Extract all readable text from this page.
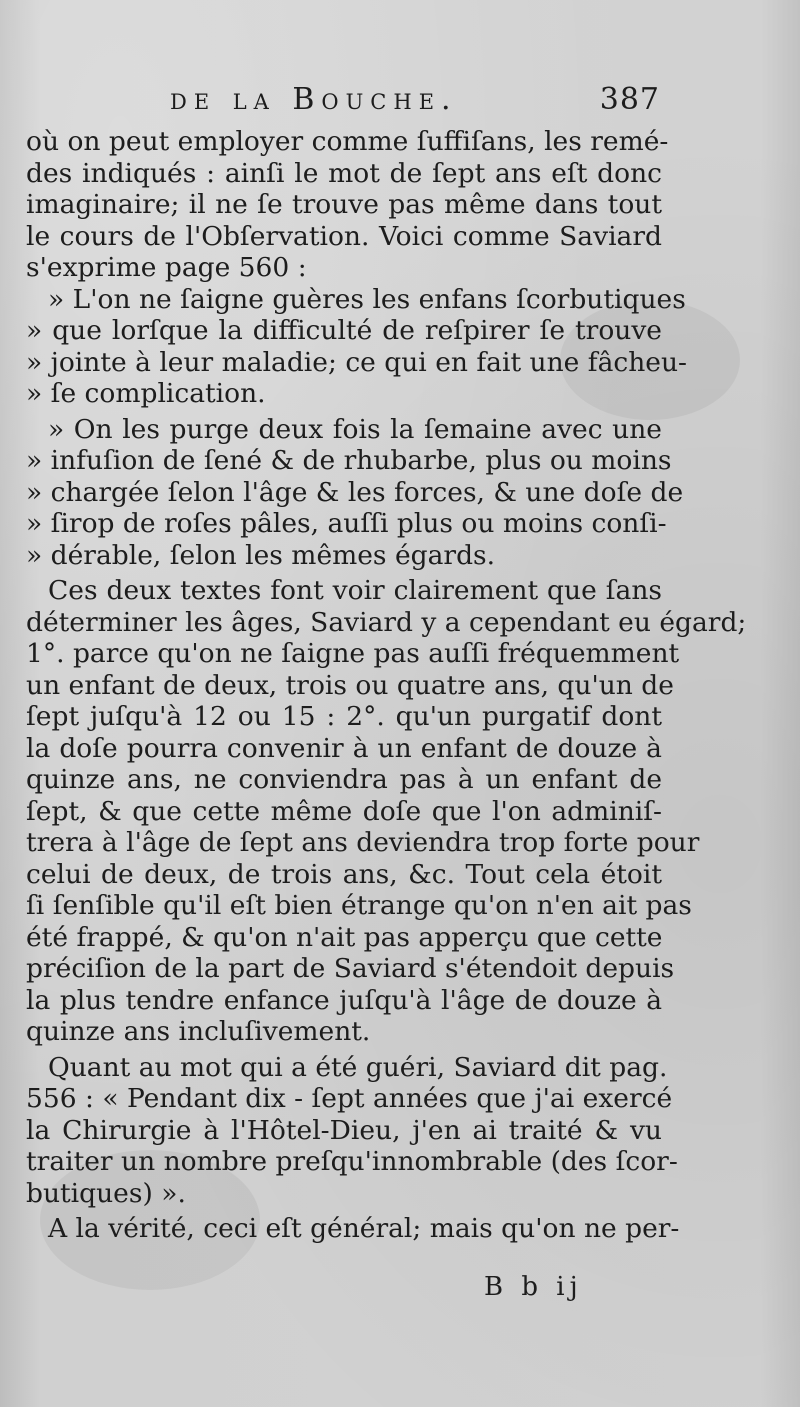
de la Bouche.	387
où on peut employer comme ſuffiſans, les remé-
des indiqués : ainſi le mot de ſept ans eſt donc
imaginaire; il ne ſe trouve pas même dans tout
le cours de l'Obſervation. Voici comme Saviard
s'exprime page 560 :
» L'on ne ſaigne guères les enfans ſcorbutiques
» que lorſque la difficulté de reſpirer ſe trouve
» jointe à leur maladie; ce qui en fait une fâcheu-
» ſe complication.
» On les purge deux fois la ſemaine avec une
» infuſion de ſené & de rhubarbe, plus ou moins
» chargée ſelon l'âge & les forces, & une doſe de
» ſirop de roſes pâles, auſſi plus ou moins conſi-
» dérable, ſelon les mêmes égards.
Ces deux textes font voir clairement que ſans
déterminer les âges, Saviard y a cependant eu égard;
1°. parce qu'on ne ſaigne pas auſſi fréquemment
un enfant de deux, trois ou quatre ans, qu'un de
ſept juſqu'à 12 ou 15 : 2°. qu'un purgatif dont
la doſe pourra convenir à un enfant de douze à
quinze ans, ne conviendra pas à un enfant de
ſept, & que cette même doſe que l'on adminiſ-
trera à l'âge de ſept ans deviendra trop forte pour
celui de deux, de trois ans, &c. Tout cela étoit
ſi ſenſible qu'il eſt bien étrange qu'on n'en ait pas
été frappé, & qu'on n'ait pas apperçu que cette
préciſion de la part de Saviard s'étendoit depuis
la plus tendre enfance juſqu'à l'âge de douze à
quinze ans incluſivement.
Quant au mot qui a été guéri, Saviard dit pag.
556 : « Pendant dix - ſept années que j'ai exercé
la Chirurgie à l'Hôtel-Dieu, j'en ai traité & vu
traiter un nombre preſqu'innombrable (des ſcor-
butiques) ».
A la vérité, ceci eſt général; mais qu'on ne per-
B b ij
